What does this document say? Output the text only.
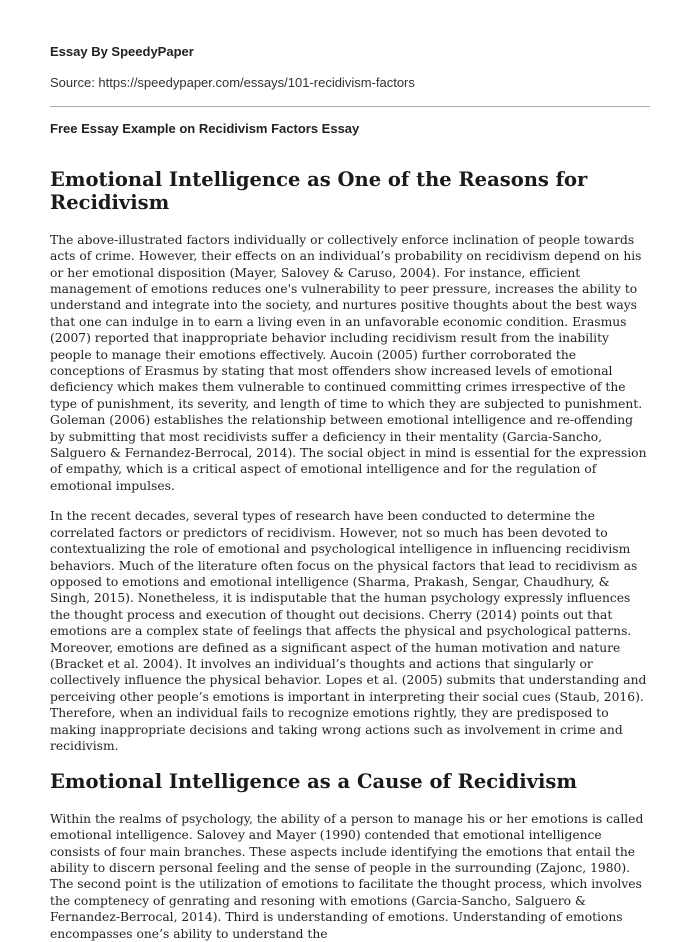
Essay By SpeedyPaper
Source: https://speedypaper.com/essays/101-recidivism-factors
Free Essay Example on Recidivism Factors Essay
Emotional Intelligence as One of the Reasons for Recidivism

The above-illustrated factors individually or collectively enforce inclination of people towards acts of crime. However, their effects on an individual’s probability on recidivism depend on his or her emotional disposition (Mayer, Salovey & Caruso, 2004). For instance, efficient management of emotions reduces one's vulnerability to peer pressure, increases the ability to understand and integrate into the society, and nurtures positive thoughts about the best ways that one can indulge in to earn a living even in an unfavorable economic condition. Erasmus (2007) reported that inappropriate behavior including recidivism result from the inability people to manage their emotions effectively. Aucoin (2005) further corroborated the conceptions of Erasmus by stating that most offenders show increased levels of emotional deficiency which makes them vulnerable to continued committing crimes irrespective of the type of punishment, its severity, and length of time to which they are subjected to punishment. Goleman (2006) establishes the relationship between emotional intelligence and re-offending by submitting that most recidivists suffer a deficiency in their mentality (Garcia-Sancho, Salguero & Fernandez-Berrocal, 2014). The social object in mind is essential for the expression of empathy, which is a critical aspect of emotional intelligence and for the regulation of emotional impulses.

In the recent decades, several types of research have been conducted to determine the correlated factors or predictors of recidivism. However, not so much has been devoted to contextualizing the role of emotional and psychological intelligence in influencing recidivism behaviors. Much of the literature often focus on the physical factors that lead to recidivism as opposed to emotions and emotional intelligence (Sharma, Prakash, Sengar, Chaudhury, & Singh, 2015). Nonetheless, it is indisputable that the human psychology expressly influences the thought process and execution of thought out decisions. Cherry (2014) points out that emotions are a complex state of feelings that affects the physical and psychological patterns. Moreover, emotions are defined as a significant aspect of the human motivation and nature (Bracket et al. 2004). It involves an individual’s thoughts and actions that singularly or collectively influence the physical behavior. Lopes et al. (2005) submits that understanding and perceiving other people’s emotions is important in interpreting their social cues (Staub, 2016). Therefore, when an individual fails to recognize emotions rightly, they are predisposed to making inappropriate decisions and taking wrong actions such as involvement in crime and recidivism.

Emotional Intelligence as a Cause of Recidivism

Within the realms of psychology, the ability of a person to manage his or her emotions is called emotional intelligence. Salovey and Mayer (1990) contended that emotional intelligence consists of four main branches. These aspects include identifying the emotions that entail the ability to discern personal feeling and the sense of people in the surrounding (Zajonc, 1980). The second point is the utilization of emotions to facilitate the thought process, which involves the comptenecy of genrating and resoning with emotions (Garcia-Sancho, Salguero & Fernandez-Berrocal, 2014). Third is understanding of emotions. Understanding of emotions encompasses one’s ability to understand the
